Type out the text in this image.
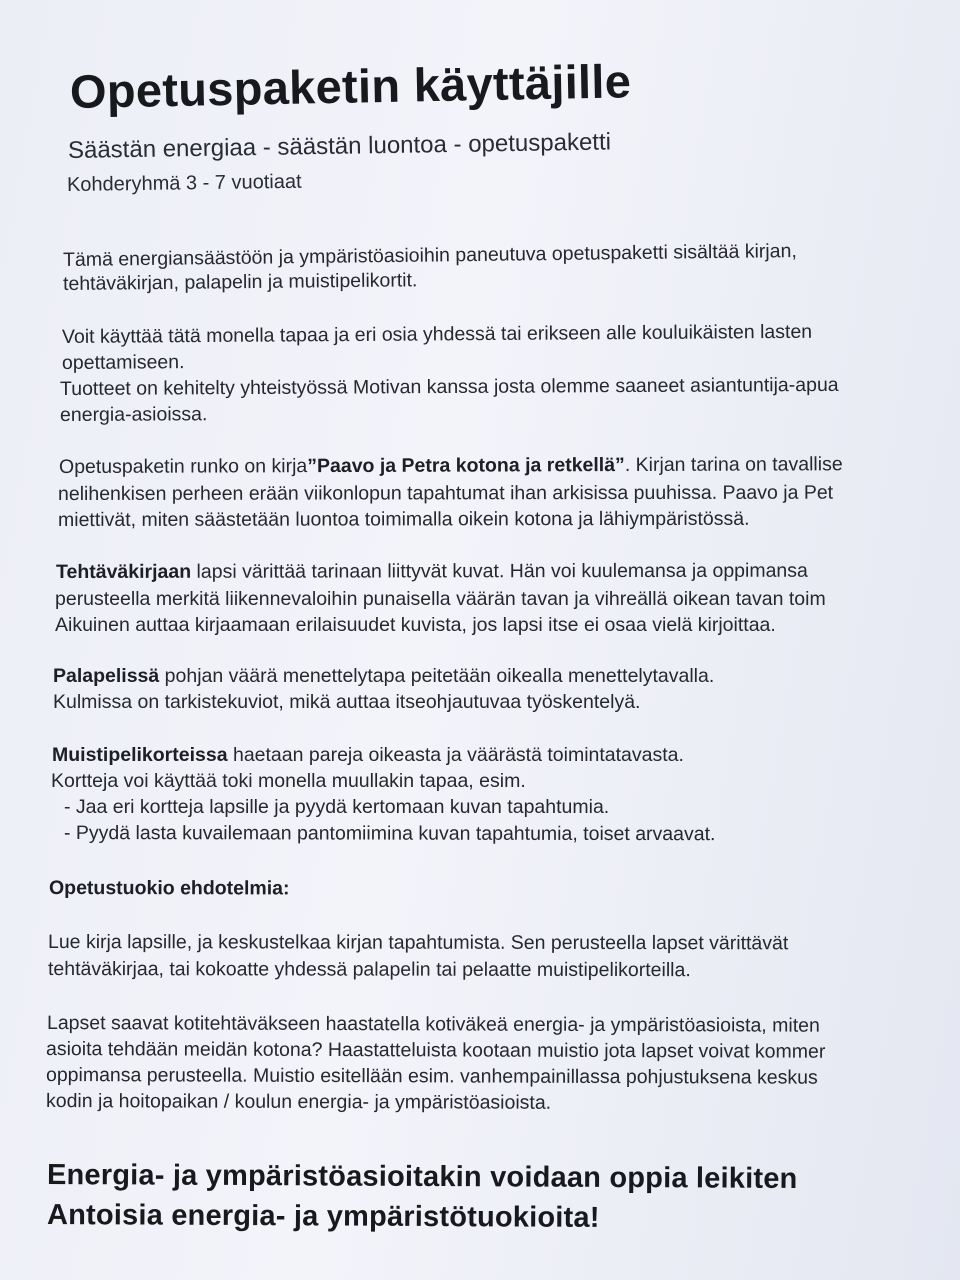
Opetuspaketin käyttäjille
Säästän energiaa - säästän luontoa - opetuspaketti
Kohderyhmä 3 - 7 vuotiaat
Tämä energiansäästöön ja ympäristöasioihin paneutuva opetuspaketti sisältää kirjan,
tehtäväkirjan, palapelin ja muistipelikortit.
Voit käyttää tätä monella tapaa ja eri osia yhdessä tai erikseen alle kouluikäisten lasten
opettamiseen.
Tuotteet on kehitelty yhteistyössä Motivan kanssa josta olemme saaneet asiantuntija-apua
energia-asioissa.
Opetuspaketin runko on kirja”Paavo ja Petra kotona ja retkellä”. Kirjan tarina on tavallise
nelihenkisen perheen erään viikonlopun tapahtumat ihan arkisissa puuhissa. Paavo ja Pet
miettivät, miten säästetään luontoa toimimalla oikein kotona ja lähiympäristössä.
Tehtäväkirjaan lapsi värittää tarinaan liittyvät kuvat. Hän voi kuulemansa ja oppimansa
perusteella merkitä liikennevaloihin punaisella väärän tavan ja vihreällä oikean tavan toim
Aikuinen auttaa kirjaamaan erilaisuudet kuvista, jos lapsi itse ei osaa vielä kirjoittaa.
Palapelissä pohjan väärä menettelytapa peitetään oikealla menettelytavalla.
Kulmissa on tarkistekuviot, mikä auttaa itseohjautuvaa työskentelyä.
Muistipelikorteissa haetaan pareja oikeasta ja väärästä toimintatavasta.
Kortteja voi käyttää toki monella muullakin tapaa, esim.
- Jaa eri kortteja lapsille ja pyydä kertomaan kuvan tapahtumia.
- Pyydä lasta kuvailemaan pantomiimina kuvan tapahtumia, toiset arvaavat.
Opetustuokio ehdotelmia:
Lue kirja lapsille, ja keskustelkaa kirjan tapahtumista. Sen perusteella lapset värittävät
tehtäväkirjaa, tai kokoatte yhdessä palapelin tai pelaatte muistipelikorteilla.
Lapset saavat kotitehtäväkseen haastatella kotiväkeä energia- ja ympäristöasioista, miten
asioita tehdään meidän kotona? Haastatteluista kootaan muistio jota lapset voivat kommer
oppimansa perusteella. Muistio esitellään esim. vanhempainillassa pohjustuksena keskus
kodin ja hoitopaikan / koulun energia- ja ympäristöasioista.
Energia- ja ympäristöasioitakin voidaan oppia leikiten
Antoisia energia- ja ympäristötuokioita!
